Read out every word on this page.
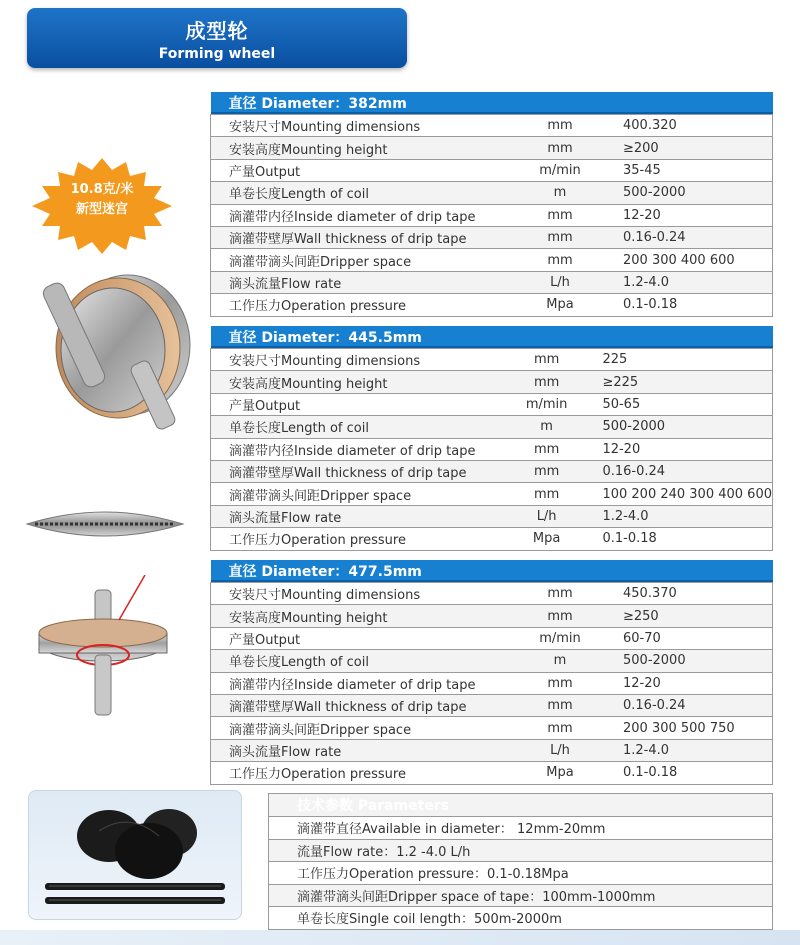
成型轮
Forming wheel
10.8克/米
新型迷宫
直径 Diameter：382mm		
安装尺寸Mounting dimensions	mm	400.320
安装高度Mounting height	mm	≥200
产量Output	m/min	35-45
单卷长度Length of coil	m	500-2000
滴灌带内径Inside diameter of drip tape	mm	12-20
滴灌带壁厚Wall thickness of drip tape	mm	0.16-0.24
滴灌带滴头间距Dripper space	mm	200 300 400 600
滴头流量Flow rate	L/h	1.2-4.0
工作压力Operation pressure	Mpa	0.1-0.18
直径 Diameter：445.5mm		
安装尺寸Mounting dimensions	mm	225
安装高度Mounting height	mm	≥225
产量Output	m/min	50-65
单卷长度Length of coil	m	500-2000
滴灌带内径Inside diameter of drip tape	mm	12-20
滴灌带壁厚Wall thickness of drip tape	mm	0.16-0.24
滴灌带滴头间距Dripper space	mm	100 200 240 300 400 600
滴头流量Flow rate	L/h	1.2-4.0
工作压力Operation pressure	Mpa	0.1-0.18
直径 Diameter：477.5mm		
安装尺寸Mounting dimensions	mm	450.370
安装高度Mounting height	mm	≥250
产量Output	m/min	60-70
单卷长度Length of coil	m	500-2000
滴灌带内径Inside diameter of drip tape	mm	12-20
滴灌带壁厚Wall thickness of drip tape	mm	0.16-0.24
滴灌带滴头间距Dripper space	mm	200 300 500 750
滴头流量Flow rate	L/h	1.2-4.0
工作压力Operation pressure	Mpa	0.1-0.18
技术参数 Parameters
滴灌带直径Available in diameter： 12mm-20mm
流量Flow rate：1.2 -4.0 L/h
工作压力Operation pressure：0.1-0.18Mpa
滴灌带滴头间距Dripper space of tape：100mm-1000mm
单卷长度Single coil length：500m-2000m
